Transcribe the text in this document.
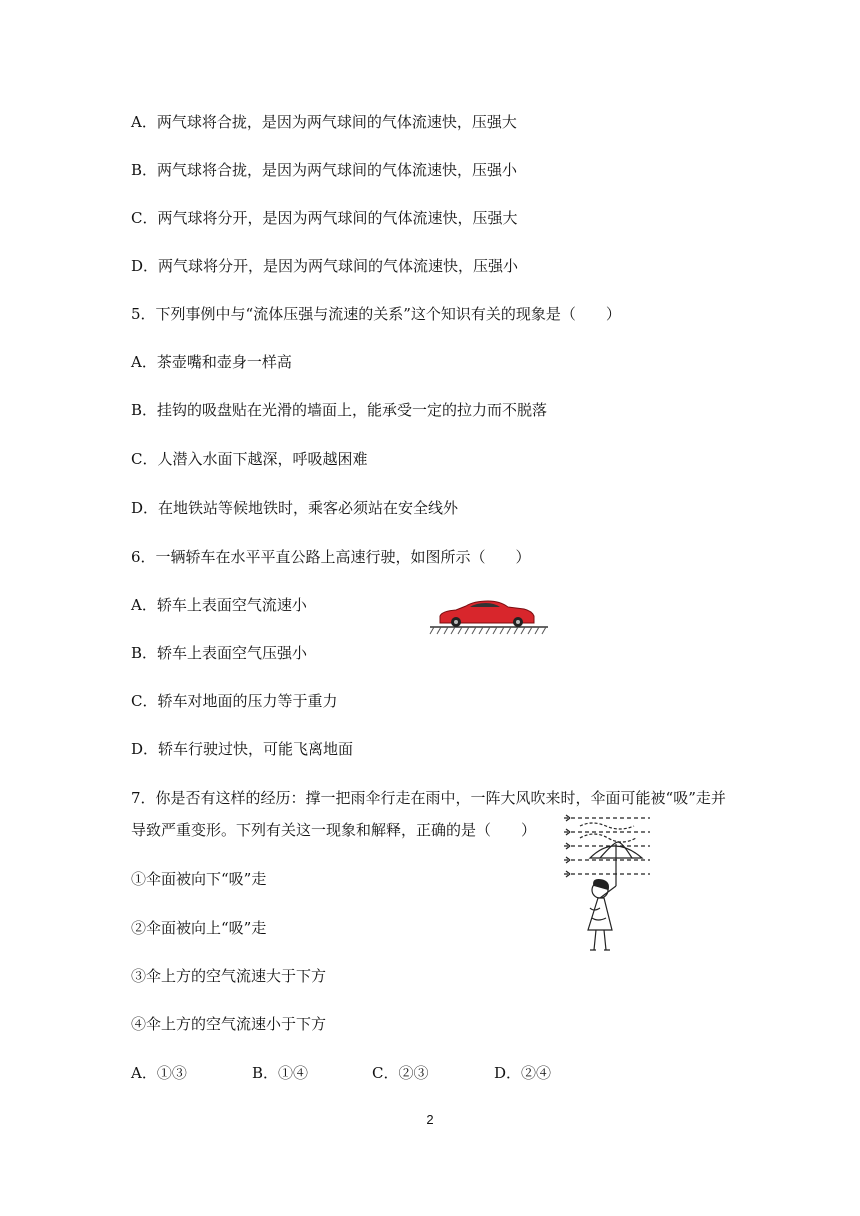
A．两气球将合拢，是因为两气球间的气体流速快，压强大
B．两气球将合拢，是因为两气球间的气体流速快，压强小
C．两气球将分开，是因为两气球间的气体流速快，压强大
D．两气球将分开，是因为两气球间的气体流速快，压强小
5．下列事例中与“流体压强与流速的关系”这个知识有关的现象是（　　）
A．茶壶嘴和壶身一样高
B．挂钩的吸盘贴在光滑的墙面上，能承受一定的拉力而不脱落
C．人潜入水面下越深，呼吸越困难
D．在地铁站等候地铁时，乘客必须站在安全线外
6．一辆轿车在水平平直公路上高速行驶，如图所示（　　）
A．轿车上表面空气流速小
B．轿车上表面空气压强小
C．轿车对地面的压力等于重力
D．轿车行驶过快，可能飞离地面
7．你是否有这样的经历：撑一把雨伞行走在雨中，一阵大风吹来时，伞面可能被“吸”走并
导致严重变形。下列有关这一现象和解释，正确的是（　　）
①伞面被向下“吸”走
②伞面被向上“吸”走
③伞上方的空气流速大于下方
④伞上方的空气流速小于下方
A．①③	B．①④	C．②③	D．②④
2
